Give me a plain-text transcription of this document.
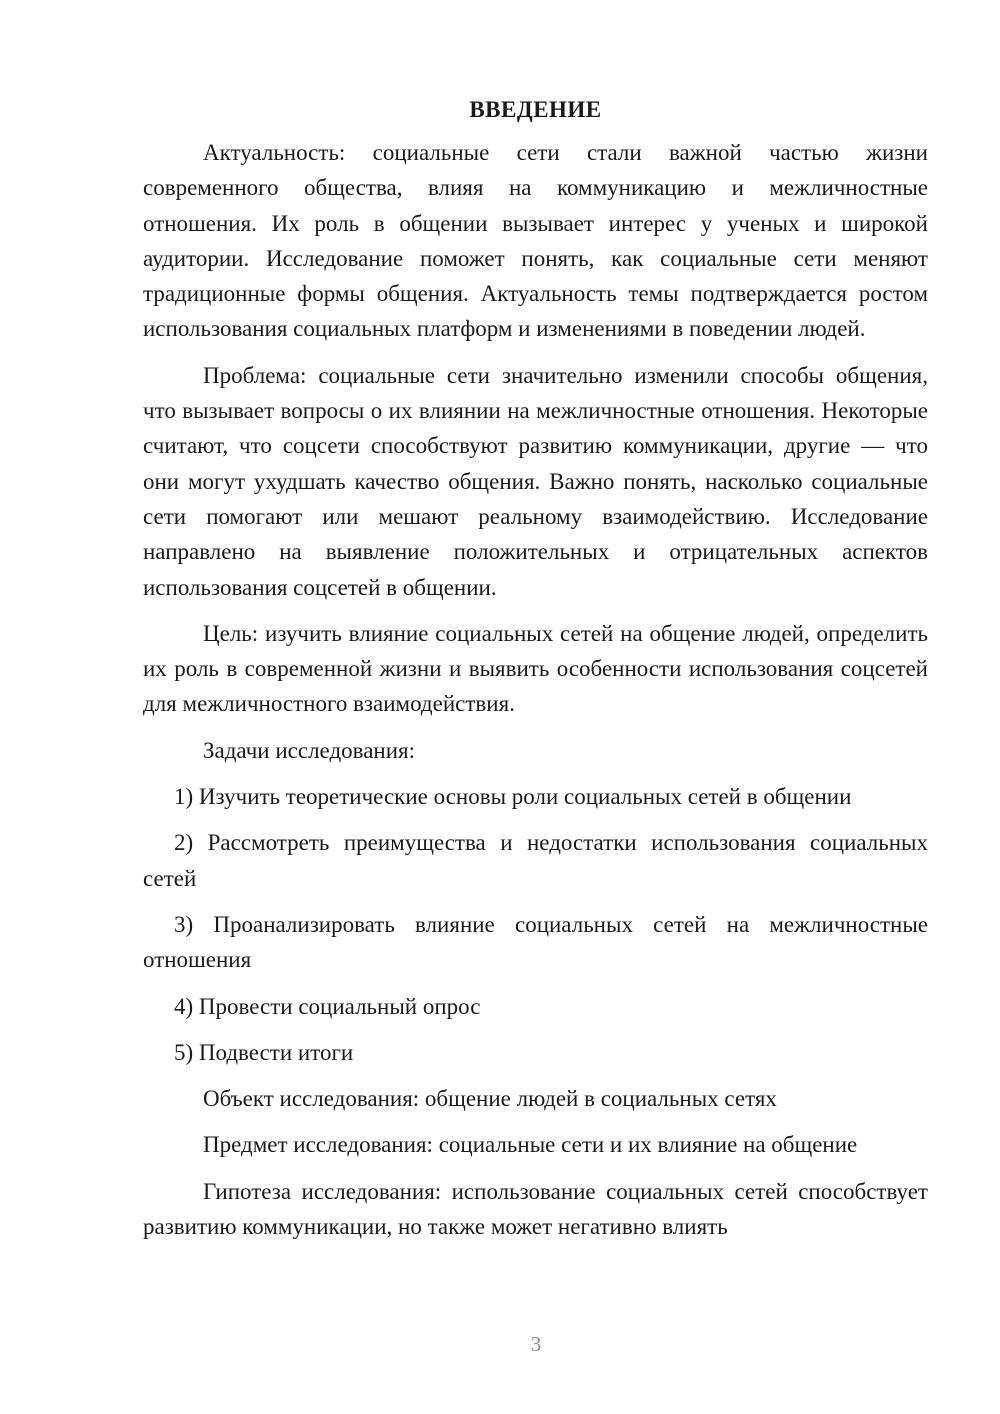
ВВЕДЕНИЕ

Актуальность: социальные сети стали важной частью жизни современного общества, влияя на коммуникацию и межличностные отношения. Их роль в общении вызывает интерес у ученых и широкой аудитории. Исследование поможет понять, как социальные сети меняют традиционные формы общения. Актуальность темы подтверждается ростом использования социальных платформ и изменениями в поведении людей.

Проблема: социальные сети значительно изменили способы общения, что вызывает вопросы о их влиянии на межличностные отношения. Некоторые считают, что соцсети способствуют развитию коммуникации, другие — что они могут ухудшать качество общения. Важно понять, насколько социальные сети помогают или мешают реальному взаимодействию. Исследование направлено на выявление положительных и отрицательных аспектов использования соцсетей в общении.

Цель: изучить влияние социальных сетей на общение людей, определить их роль в современной жизни и выявить особенности использования соцсетей для межличностного взаимодействия.

Задачи исследования:

1) Изучить теоретические основы роли социальных сетей в общении

2) Рассмотреть преимущества и недостатки использования социальных сетей

3) Проанализировать влияние социальных сетей на межличностные отношения

4) Провести социальный опрос

5) Подвести итоги

Объект исследования: общение людей в социальных сетях

Предмет исследования: социальные сети и их влияние на общение

Гипотеза исследования: использование социальных сетей способствует развитию коммуникации, но также может негативно влиять

3
